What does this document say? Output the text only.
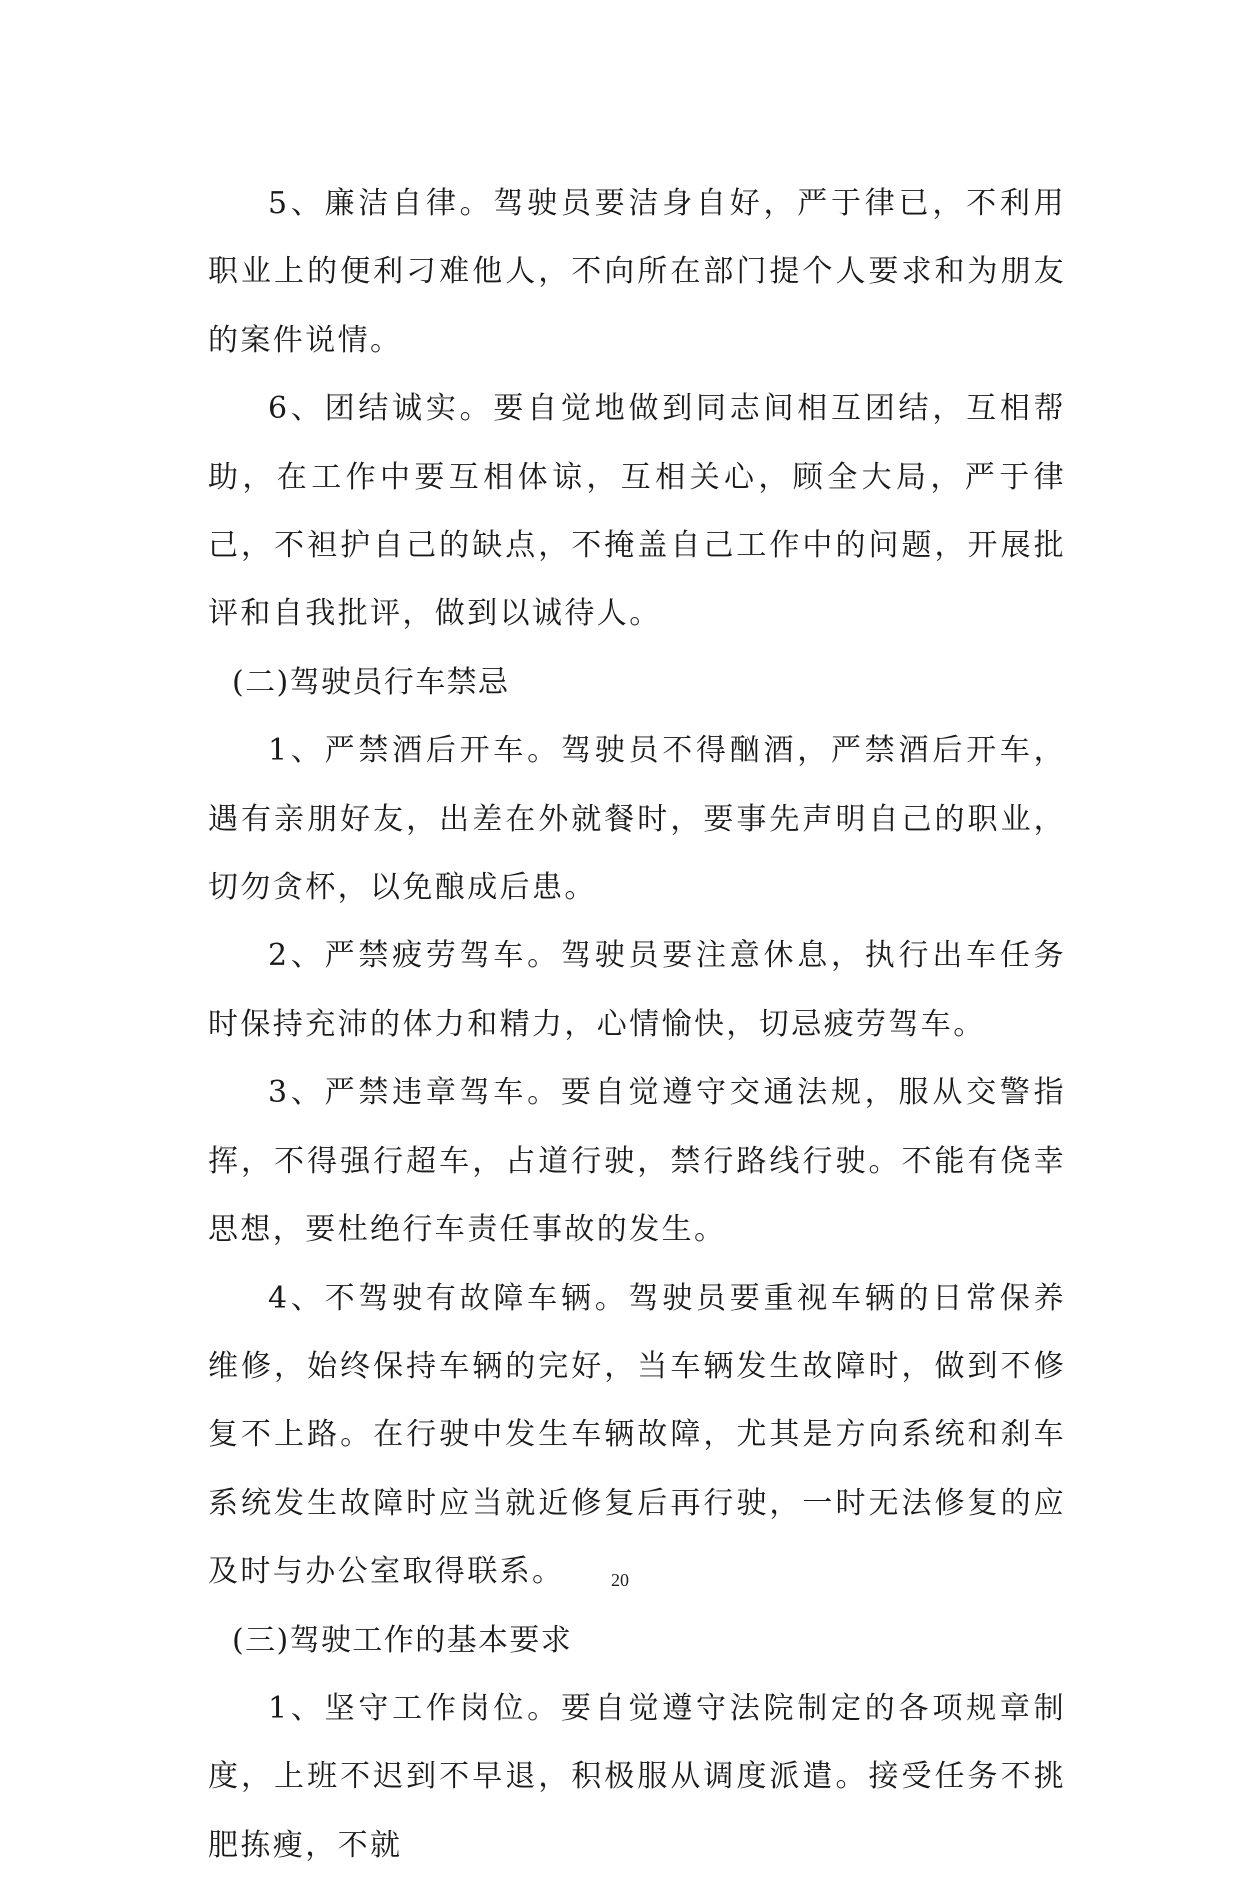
5、廉洁自律。驾驶员要洁身自好，严于律已，不利用职业上的便利刁难他人，不向所在部门提个人要求和为朋友的案件说情。

6、团结诚实。要自觉地做到同志间相互团结，互相帮助，在工作中要互相体谅，互相关心，顾全大局，严于律己，不袒护自己的缺点，不掩盖自己工作中的问题，开展批评和自我批评，做到以诚待人。

(二)驾驶员行车禁忌

1、严禁酒后开车。驾驶员不得酗酒，严禁酒后开车，遇有亲朋好友，出差在外就餐时，要事先声明自己的职业，切勿贪杯，以免酿成后患。

2、严禁疲劳驾车。驾驶员要注意休息，执行出车任务时保持充沛的体力和精力，心情愉快，切忌疲劳驾车。

3、严禁违章驾车。要自觉遵守交通法规，服从交警指挥，不得强行超车，占道行驶，禁行路线行驶。不能有侥幸思想，要杜绝行车责任事故的发生。

4、不驾驶有故障车辆。驾驶员要重视车辆的日常保养维修，始终保持车辆的完好，当车辆发生故障时，做到不修复不上路。在行驶中发生车辆故障，尤其是方向系统和刹车系统发生故障时应当就近修复后再行驶，一时无法修复的应及时与办公室取得联系。

(三)驾驶工作的基本要求

1、坚守工作岗位。要自觉遵守法院制定的各项规章制度，上班不迟到不早退，积极服从调度派遣。接受任务不挑肥拣瘦，不就

20
